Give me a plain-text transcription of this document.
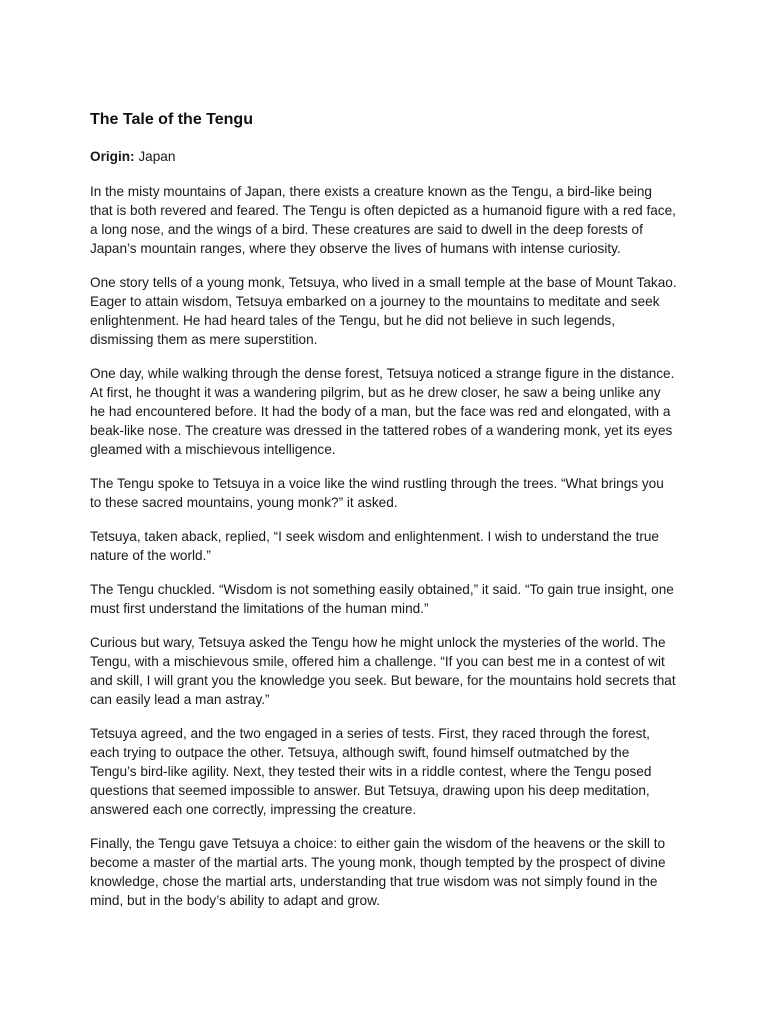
The Tale of the Tengu

Origin: Japan

In the misty mountains of Japan, there exists a creature known as the Tengu, a bird-like being that is both revered and feared. The Tengu is often depicted as a humanoid figure with a red face, a long nose, and the wings of a bird. These creatures are said to dwell in the deep forests of Japan’s mountain ranges, where they observe the lives of humans with intense curiosity.

One story tells of a young monk, Tetsuya, who lived in a small temple at the base of Mount Takao. Eager to attain wisdom, Tetsuya embarked on a journey to the mountains to meditate and seek enlightenment. He had heard tales of the Tengu, but he did not believe in such legends, dismissing them as mere superstition.

One day, while walking through the dense forest, Tetsuya noticed a strange figure in the distance. At first, he thought it was a wandering pilgrim, but as he drew closer, he saw a being unlike any he had encountered before. It had the body of a man, but the face was red and elongated, with a beak-like nose. The creature was dressed in the tattered robes of a wandering monk, yet its eyes gleamed with a mischievous intelligence.

The Tengu spoke to Tetsuya in a voice like the wind rustling through the trees. “What brings you to these sacred mountains, young monk?” it asked.

Tetsuya, taken aback, replied, “I seek wisdom and enlightenment. I wish to understand the true nature of the world.”

The Tengu chuckled. “Wisdom is not something easily obtained,” it said. “To gain true insight, one must first understand the limitations of the human mind.”

Curious but wary, Tetsuya asked the Tengu how he might unlock the mysteries of the world. The Tengu, with a mischievous smile, offered him a challenge. “If you can best me in a contest of wit and skill, I will grant you the knowledge you seek. But beware, for the mountains hold secrets that can easily lead a man astray.”

Tetsuya agreed, and the two engaged in a series of tests. First, they raced through the forest, each trying to outpace the other. Tetsuya, although swift, found himself outmatched by the Tengu’s bird-like agility. Next, they tested their wits in a riddle contest, where the Tengu posed questions that seemed impossible to answer. But Tetsuya, drawing upon his deep meditation, answered each one correctly, impressing the creature.

Finally, the Tengu gave Tetsuya a choice: to either gain the wisdom of the heavens or the skill to become a master of the martial arts. The young monk, though tempted by the prospect of divine knowledge, chose the martial arts, understanding that true wisdom was not simply found in the mind, but in the body’s ability to adapt and grow.
